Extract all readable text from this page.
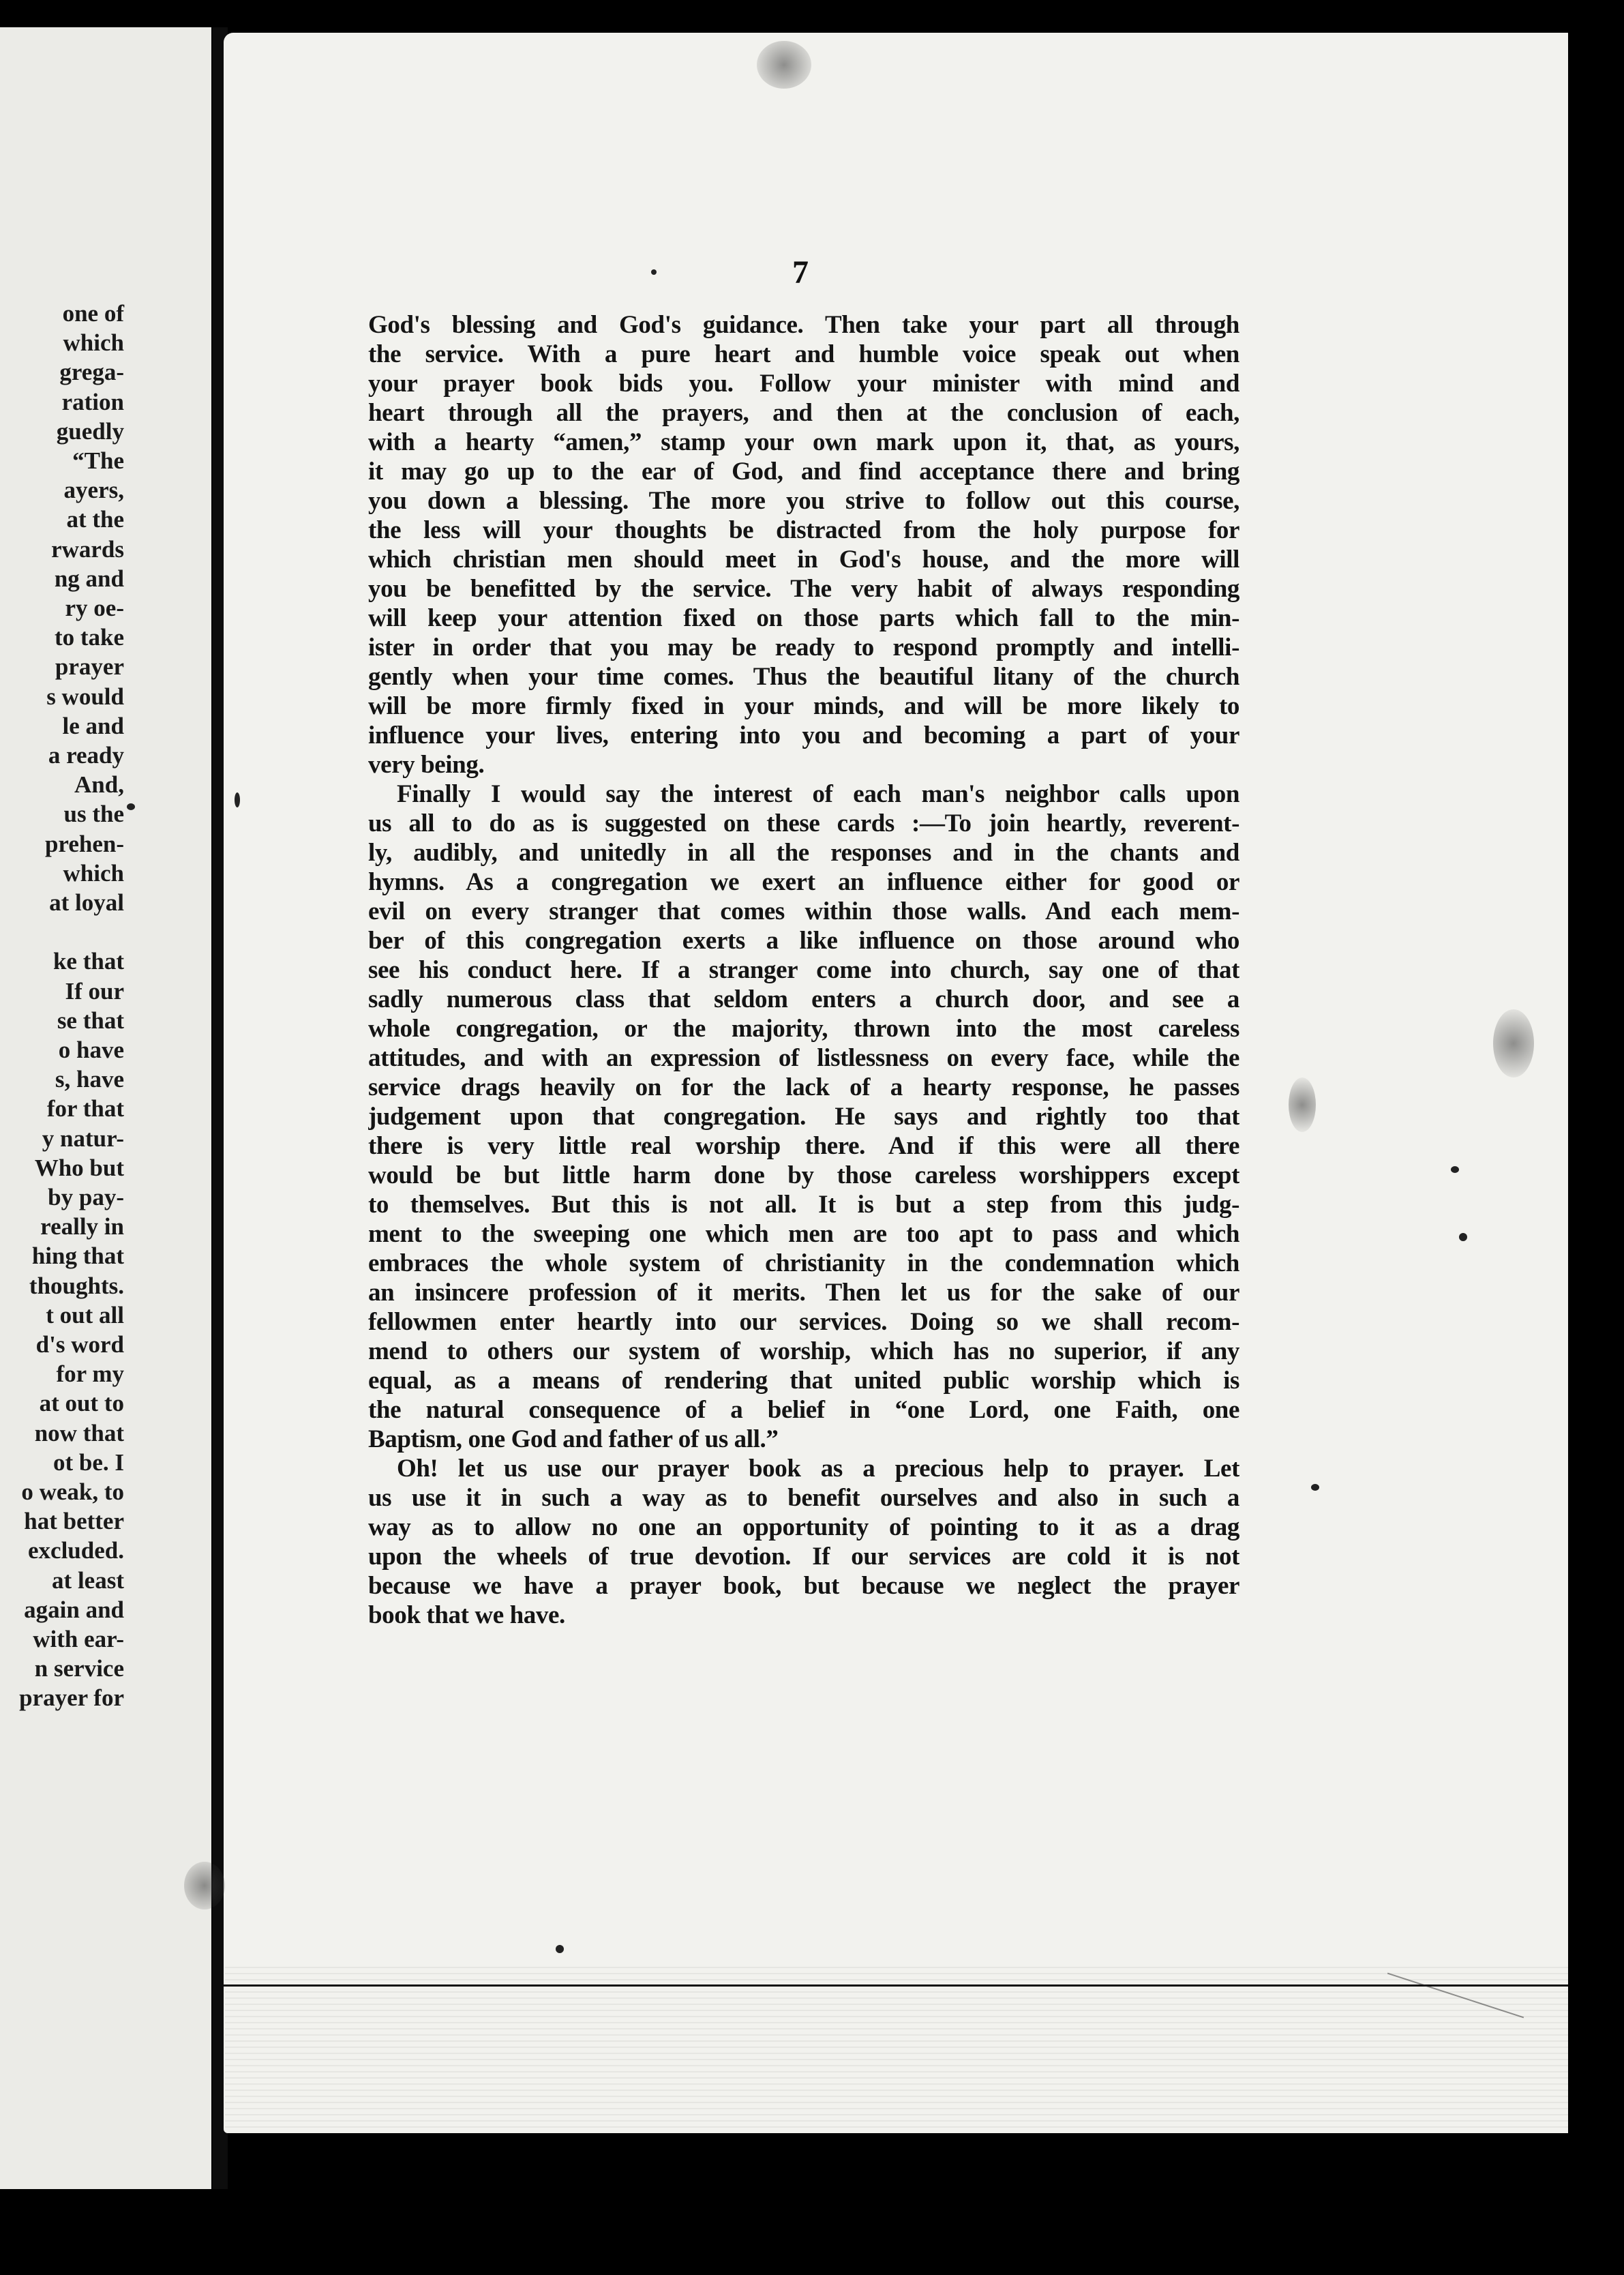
one of
which
grega-
ration
guedly
“The
ayers,
at the
rwards
ng and
ry oe-
to take
prayer
s would
le and
a ready
And,
us the
prehen-
which
at loyal
ke that
If our
se that
o have
s, have
for that
y natur-
Who but
by pay-
really in
hing that
thoughts.
t out all
d's word
for my
at out to
now that
ot be. I
o weak, to
hat better
excluded.
at least
again and
with ear-
n service
prayer for
7
God's blessing and God's guidance. Then take your part all through
the service. With a pure heart and humble voice speak out when
your prayer book bids you. Follow your minister with mind and
heart through all the prayers, and then at the conclusion of each,
with a hearty “amen,” stamp your own mark upon it, that, as yours,
it may go up to the ear of God, and find acceptance there and bring
you down a blessing. The more you strive to follow out this course,
the less will your thoughts be distracted from the holy purpose for
which christian men should meet in God's house, and the more will
you be benefitted by the service. The very habit of always responding
will keep your attention fixed on those parts which fall to the min-
ister in order that you may be ready to respond promptly and intelli-
gently when your time comes. Thus the beautiful litany of the church
will be more firmly fixed in your minds, and will be more likely to
influence your lives, entering into you and becoming a part of your
very being.
Finally I would say the interest of each man's neighbor calls upon
us all to do as is suggested on these cards :—To join heartly, reverent-
ly, audibly, and unitedly in all the responses and in the chants and
hymns. As a congregation we exert an influence either for good or
evil on every stranger that comes within those walls. And each mem-
ber of this congregation exerts a like influence on those around who
see his conduct here. If a stranger come into church, say one of that
sadly numerous class that seldom enters a church door, and see a
whole congregation, or the majority, thrown into the most careless
attitudes, and with an expression of listlessness on every face, while the
service drags heavily on for the lack of a hearty response, he passes
judgement upon that congregation. He says and rightly too that
there is very little real worship there. And if this were all there
would be but little harm done by those careless worshippers except
to themselves. But this is not all. It is but a step from this judg-
ment to the sweeping one which men are too apt to pass and which
embraces the whole system of christianity in the condemnation which
an insincere profession of it merits. Then let us for the sake of our
fellowmen enter heartly into our services. Doing so we shall recom-
mend to others our system of worship, which has no superior, if any
equal, as a means of rendering that united public worship which is
the natural consequence of a belief in “one Lord, one Faith, one
Baptism, one God and father of us all.”
Oh! let us use our prayer book as a precious help to prayer. Let
us use it in such a way as to benefit ourselves and also in such a
way as to allow no one an opportunity of pointing to it as a drag
upon the wheels of true devotion. If our services are cold it is not
because we have a prayer book, but because we neglect the prayer
book that we have.
